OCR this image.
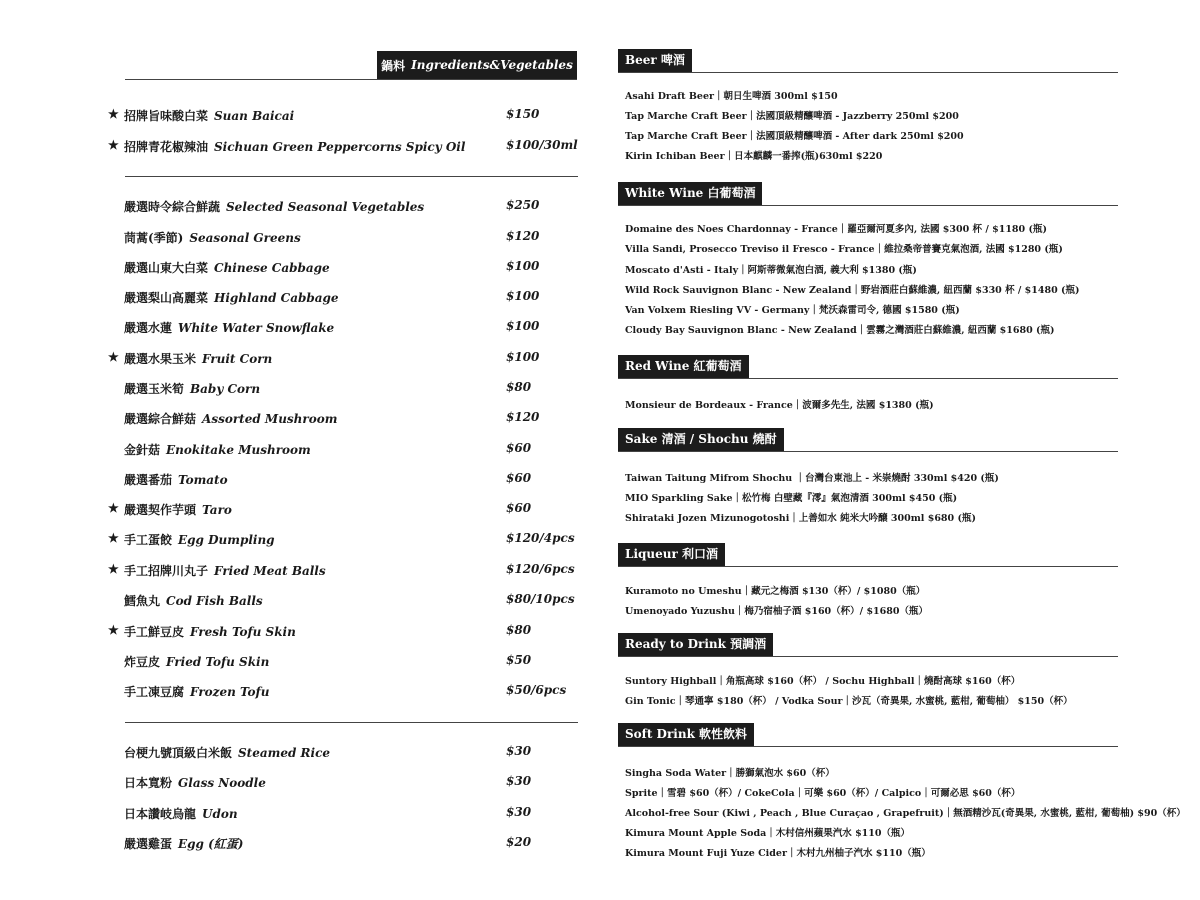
鍋料 Ingredients&Vegetables
★ 招牌旨味酸白菜 Suan Baicai	$150
★ 招牌青花椒辣油 Sichuan Green Peppercorns Spicy Oil	$100/30ml
嚴選時令綜合鮮蔬 Selected Seasonal Vegetables	$250
茼蒿(季節) Seasonal Greens	$120
嚴選山東大白菜 Chinese Cabbage	$100
嚴選梨山高麗菜 Highland Cabbage	$100
嚴選水蓮 White Water Snowflake	$100
★ 嚴選水果玉米 Fruit Corn	$100
嚴選玉米筍 Baby Corn	$80
嚴選綜合鮮菇 Assorted Mushroom	$120
金針菇 Enokitake Mushroom	$60
嚴選番茄 Tomato	$60
★ 嚴選契作芋頭 Taro	$60
★ 手工蛋餃 Egg Dumpling	$120/4pcs
★ 手工招牌川丸子 Fried Meat Balls	$120/6pcs
鱈魚丸 Cod Fish Balls	$80/10pcs
★ 手工鮮豆皮 Fresh Tofu Skin	$80
炸豆皮 Fried Tofu Skin	$50
手工凍豆腐 Frozen Tofu	$50/6pcs
台梗九號頂級白米飯 Steamed Rice	$30
日本寬粉 Glass Noodle	$30
日本讚岐烏龍 Udon	$30
嚴選雞蛋 Egg (紅蛋)	$20
Beer 啤酒
Asahi Draft Beer｜朝日生啤酒 300ml $150
Tap Marche Craft Beer｜法國頂級精釀啤酒 - Jazzberry 250ml $200
Tap Marche Craft Beer｜法國頂級精釀啤酒 - After dark 250ml $200
Kirin Ichiban Beer｜日本麒麟一番搾(瓶)630ml $220
White Wine 白葡萄酒
Domaine des Noes Chardonnay - France｜羅亞爾河夏多內, 法國 $300 杯 / $1180 (瓶)
Villa Sandi, Prosecco Treviso il Fresco - France｜維拉桑帝普賽克氣泡酒, 法國 $1280 (瓶)
Moscato d'Asti - Italy｜阿斯蒂微氣泡白酒, 義大利 $1380 (瓶)
Wild Rock Sauvignon Blanc - New Zealand｜野岩酒莊白蘇維濃, 紐西蘭 $330 杯 / $1480 (瓶)
Van Volxem Riesling VV - Germany｜梵沃森雷司令, 德國 $1580 (瓶)
Cloudy Bay Sauvignon Blanc - New Zealand｜雲霧之灣酒莊白蘇維濃, 紐西蘭 $1680 (瓶)
Red Wine 紅葡萄酒
Monsieur de Bordeaux - France｜波爾多先生, 法國 $1380 (瓶)
Sake 清酒 / Shochu 燒酎
Taiwan Taitung Mifrom Shochu ｜台灣台東池上 - 米崇燒酎 330ml $420 (瓶)
MIO Sparkling Sake｜松竹梅 白壁藏『澪』氣泡清酒 300ml $450 (瓶)
Shirataki Jozen Mizunogotoshi｜上善如水 純米大吟醸 300ml $680 (瓶)
Liqueur 利口酒
Kuramoto no Umeshu｜藏元之梅酒 $130（杯）/ $1080（瓶）
Umenoyado Yuzushu｜梅乃宿柚子酒 $160（杯）/ $1680（瓶）
Ready to Drink 預調酒
Suntory Highball｜角瓶高球 $160（杯） / Sochu Highball｜燒酎高球 $160（杯）
Gin Tonic｜琴通寧 $180（杯） / Vodka Sour｜沙瓦（奇異果, 水蜜桃, 藍柑, 葡萄柚） $150（杯）
Soft Drink 軟性飲料
Singha Soda Water｜勝獅氣泡水 $60（杯）
Sprite｜雪碧 $60（杯）/ CokeCola｜可樂 $60（杯）/ Calpico｜可爾必思 $60（杯）
Alcohol-free Sour (Kiwi , Peach , Blue Curaçao , Grapefruit)｜無酒精沙瓦(奇異果, 水蜜桃, 藍柑, 葡萄柚) $90（杯）
Kimura Mount Apple Soda｜木村信州蘋果汽水 $110（瓶）
Kimura Mount Fuji Yuze Cider｜木村九州柚子汽水 $110（瓶）
